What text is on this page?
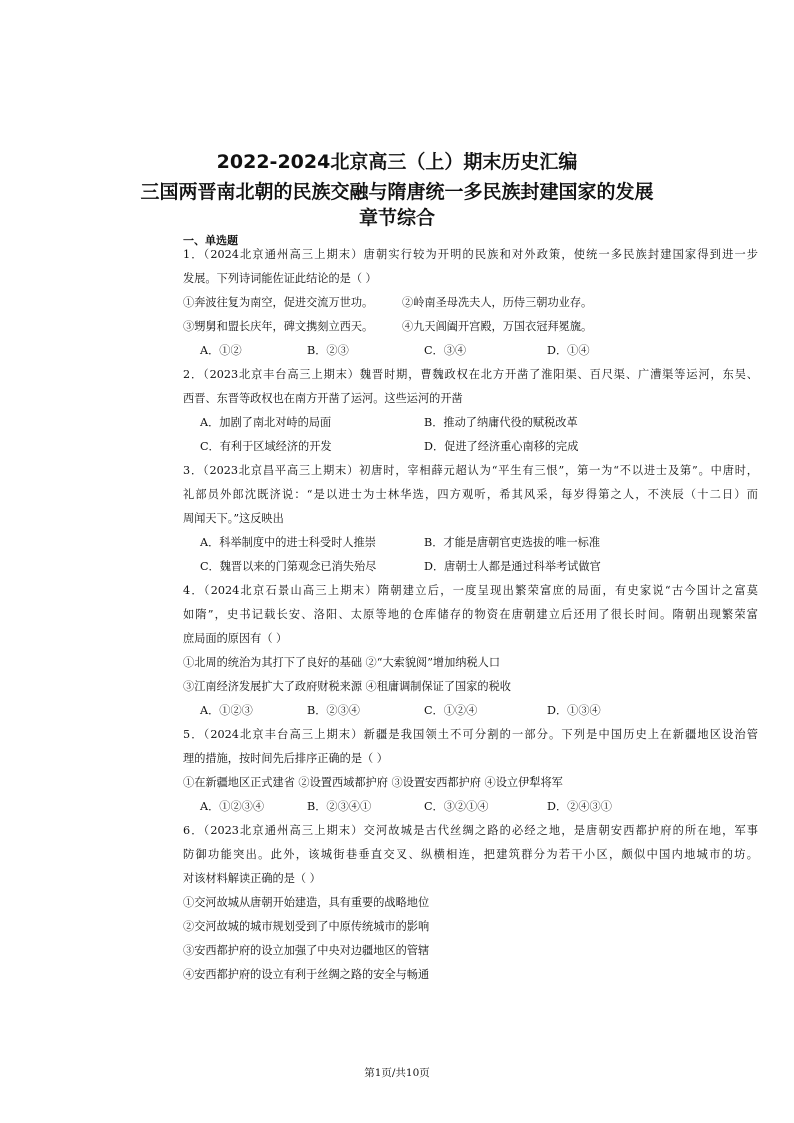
2022-2024北京高三（上）期末历史汇编
三国两晋南北朝的民族交融与隋唐统一多民族封建国家的发展
章节综合
一、单选题
1．（2024北京通州高三上期末）唐朝实行较为开明的民族和对外政策，使统一多民族封建国家得到进一步
发展。下列诗词能佐证此结论的是（ ）
①奔波往复为南空，促进交流万世功。	②岭南圣母冼夫人，历侍三朝功业存。
③甥舅和盟长庆年，碑文携刻立西天。	④九天阊阖开宫殿，万国衣冠拜冕旒。
A．①②	B．②③	C．③④	D．①④
2．（2023北京丰台高三上期末）魏晋时期，曹魏政权在北方开凿了淮阳渠、百尺渠、广漕渠等运河，东吴、
西晋、东晋等政权也在南方开凿了运河。这些运河的开凿
A．加剧了南北对峙的局面	B．推动了纳庸代役的赋税改革
C．有利于区域经济的开发	D．促进了经济重心南移的完成
3．（2023北京昌平高三上期末）初唐时，宰相薛元超认为“平生有三恨”，第一为“不以进士及第”。中唐时，
礼部员外郎沈既济说：“是以进士为士林华选，四方观听，希其风采，每岁得第之人，不浃辰（十二日）而
周闻天下。”这反映出
A．科举制度中的进士科受时人推崇	B．才能是唐朝官吏选拔的唯一标准
C．魏晋以来的门第观念已消失殆尽	D．唐朝士人都是通过科举考试做官
4．（2024北京石景山高三上期末）隋朝建立后，一度呈现出繁荣富庶的局面，有史家说“古今国计之富莫
如隋”，史书记载长安、洛阳、太原等地的仓库储存的物资在唐朝建立后还用了很长时间。隋朝出现繁荣富
庶局面的原因有（ ）
①北周的统治为其打下了良好的基础 ②“大索貌阅”增加纳税人口
③江南经济发展扩大了政府财税来源 ④租庸调制保证了国家的税收
A．①②③	B．②③④	C．①②④	D．①③④
5．（2024北京丰台高三上期末）新疆是我国领土不可分割的一部分。下列是中国历史上在新疆地区设治管
理的措施，按时间先后排序正确的是（ ）
①在新疆地区正式建省 ②设置西域都护府 ③设置安西都护府 ④设立伊犁将军
A．①②③④	B．②③④①	C．③②①④	D．②④③①
6．（2023北京通州高三上期末）交河故城是古代丝绸之路的必经之地，是唐朝安西都护府的所在地，军事
防御功能突出。此外，该城街巷垂直交叉、纵横相连，把建筑群分为若干小区，颇似中国内地城市的坊。
对该材料解读正确的是（ ）
①交河故城从唐朝开始建造，具有重要的战略地位
②交河故城的城市规划受到了中原传统城市的影响
③安西都护府的设立加强了中央对边疆地区的管辖
④安西都护府的设立有利于丝绸之路的安全与畅通
第1页/共10页
